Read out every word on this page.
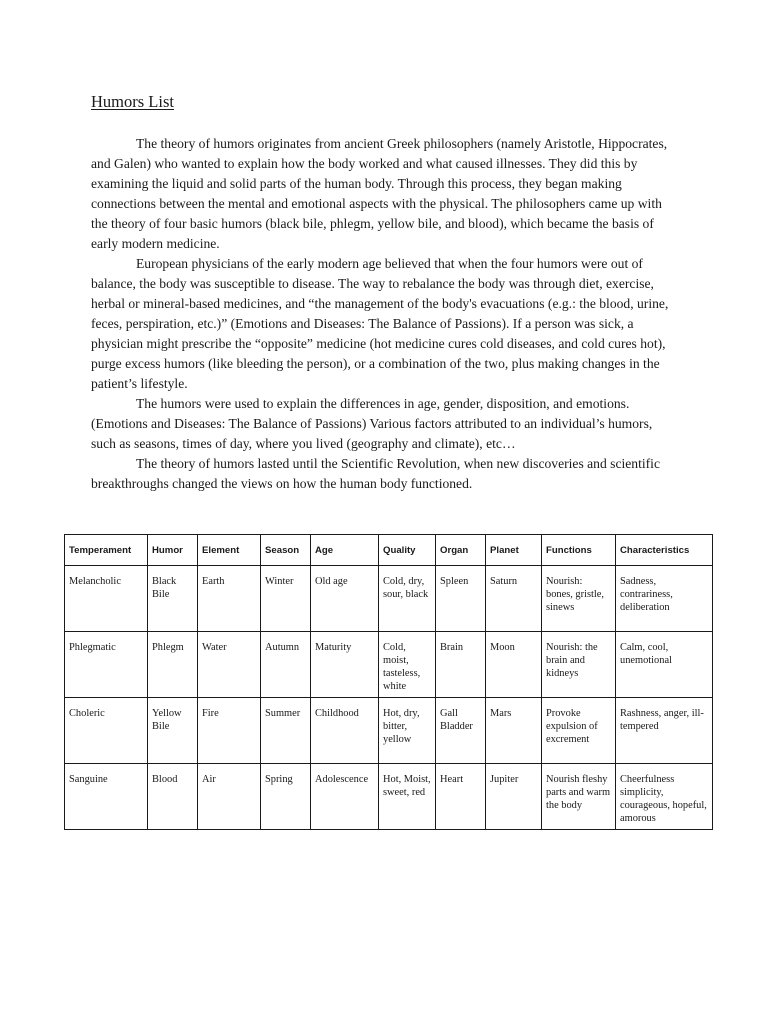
Humors List

The theory of humors originates from ancient Greek philosophers (namely Aristotle, Hippocrates, and Galen) who wanted to explain how the body worked and what caused illnesses. They did this by examining the liquid and solid parts of the human body. Through this process, they began making connections between the mental and emotional aspects with the physical. The philosophers came up with the theory of four basic humors (black bile, phlegm, yellow bile, and blood), which became the basis of early modern medicine.

European physicians of the early modern age believed that when the four humors were out of balance, the body was susceptible to disease. The way to rebalance the body was through diet, exercise, herbal or mineral-based medicines, and “the management of the body's evacuations (e.g.: the blood, urine, feces, perspiration, etc.)” (Emotions and Diseases: The Balance of Passions). If a person was sick, a physician might prescribe the “opposite” medicine (hot medicine cures cold diseases, and cold cures hot), purge excess humors (like bleeding the person), or a combination of the two, plus making changes in the patient’s lifestyle.

The humors were used to explain the differences in age, gender, disposition, and emotions. (Emotions and Diseases: The Balance of Passions) Various factors attributed to an individual’s humors, such as seasons, times of day, where you lived (geography and climate), etc…

The theory of humors lasted until the Scientific Revolution, when new discoveries and scientific breakthroughs changed the views on how the human body functioned.

Temperament	Humor	Element	Season	Age	Quality	Organ	Planet	Functions	Characteristics
Melancholic	Black Bile	Earth	Winter	Old age	Cold, dry, sour, black	Spleen	Saturn	Nourish: bones, gristle, sinews	Sadness, contrariness, deliberation
Phlegmatic	Phlegm	Water	Autumn	Maturity	Cold, moist, tasteless, white	Brain	Moon	Nourish: the brain and kidneys	Calm, cool, unemotional
Choleric	Yellow Bile	Fire	Summer	Childhood	Hot, dry, bitter, yellow	Gall Bladder	Mars	Provoke expulsion of excrement	Rashness, anger, ill-tempered
Sanguine	Blood	Air	Spring	Adolescence	Hot, Moist, sweet, red	Heart	Jupiter	Nourish fleshy parts and warm the body	Cheerfulness simplicity, courageous, hopeful, amorous
